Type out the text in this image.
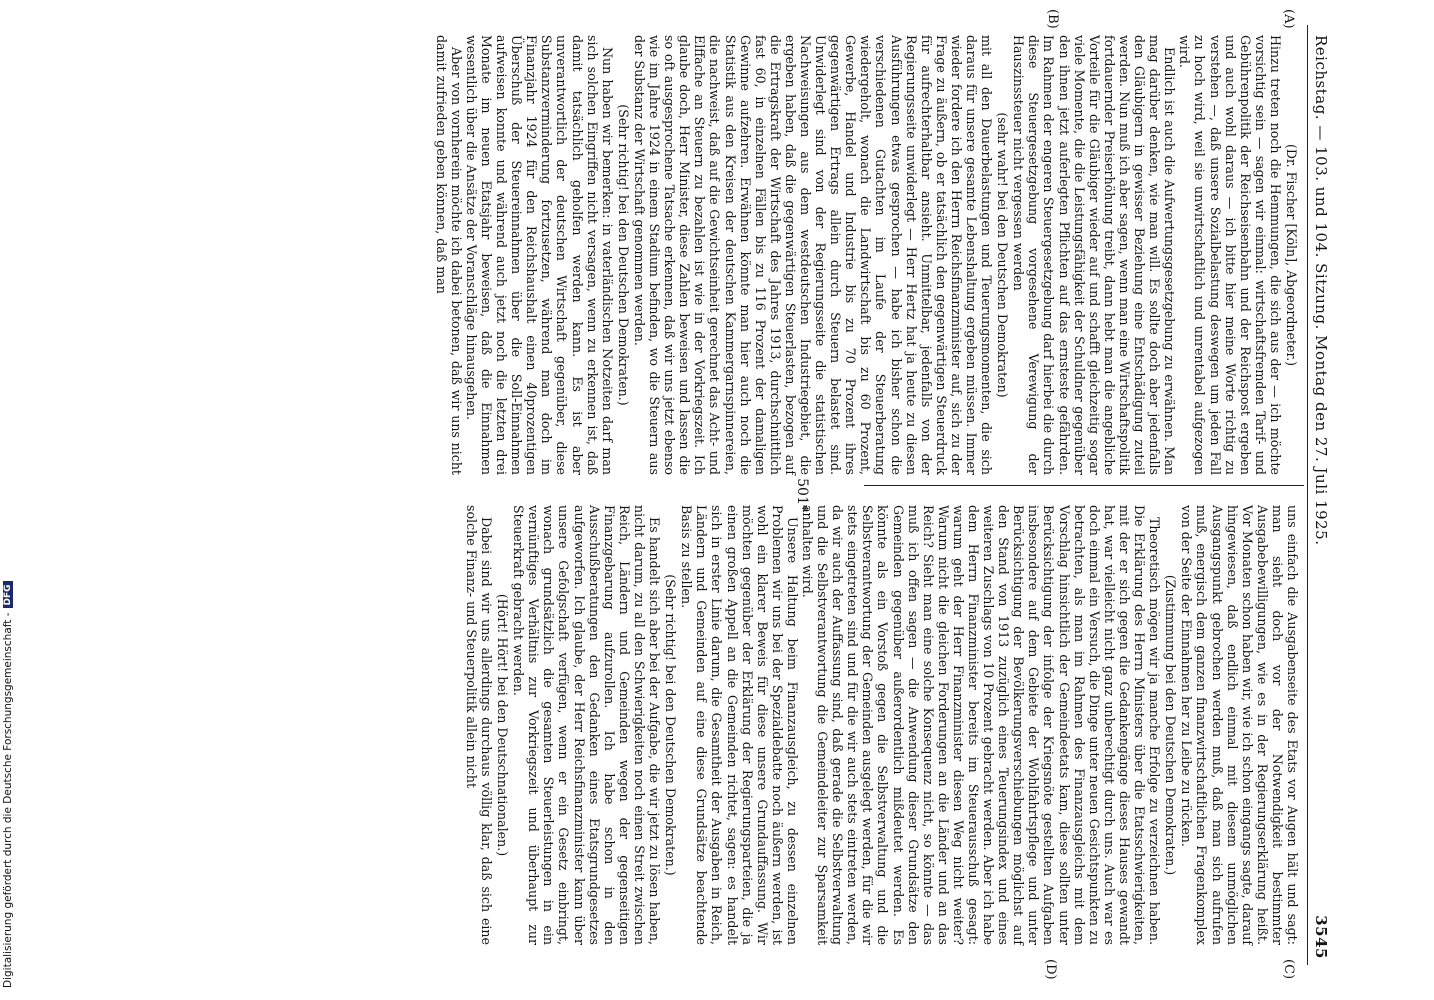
Reichstag. — 103. und 104. Sitzung. Montag den 27. Juli 1925.
3545
(A)
(B)
(C)
(D)

(Dr. Fischer [Köln], Abgeordneter.)

Hinzu treten noch die Hemmungen, die sich aus der — ich möchte vorsichtig sein — sagen wir einmal: wirtschaftsfremden Tarif- und Gebührenpolitik der Reichseisenbahn und der Reichspost ergeben und auch wohl daraus — ich bitte hier meine Worte richtig zu verstehen —, daß unsere Sozialbelastung deswegen um jeden Fall zu hoch wird, weil sie unwirtschaftlich und unrentabel aufgezogen wird.

Endlich ist auch die Aufwertungsgesetzgebung zu erwähnen. Man mag darüber denken, wie man will. Es sollte doch aber jedenfalls den Gläubigern in gewisser Beziehung eine Entschädigung zuteil werden. Nun muß ich aber sagen, wenn man eine Wirtschaftspolitik fortdauernder Preiserhöhung treibt, dann hebt man die angebliche Vorteile für die Gläubiger wieder auf und schafft gleichzeitig sogar viele Momente, die die Leistungsfähigkeit der Schuldner gegenüber den ihnen jetzt auferlegten Pflichten auf das ernsteste gefährden. Im Rahmen der engeren Steuergesetzgebung darf hierbei die durch diese Steuergesetzgebung vorgesehene Verewigung der Hauszinssteuer nicht vergessen werden

(sehr wahr! bei den Deutschen Demokraten)

mit all den Dauerbelastungen und Teuerungsmomenten, die sich daraus für unsere gesamte Lebenshaltung ergeben müssen. Immer wieder fordere ich den Herrn Reichsfinanzminister auf, sich zu der Frage zu äußern, ob er tatsächlich den gegenwärtigen Steuerdruck für aufrechterhaltbar ansieht. Unmittelbar, jedenfalls von der Regierungsseite unwiderlegt — Herr Hertz hat ja heute zu diesen Ausführungen etwas gesprochen — habe ich bisher schon die verschiedenen Gutachten im Laufe der Steuerberatung wiedergeholt, wonach die Landwirtschaft bis zu 60 Prozent, Gewerbe, Handel und Industrie bis zu 70 Prozent ihres gegenwärtigen Ertrags allein durch Steuern belastet sind. Unwiderlegt sind von der Regierungsseite die statistischen Nachweisungen aus dem westdeutschen Industriegebiet, die ergeben haben, daß die gegenwärtigen Steuerlasten, bezogen auf die Ertragskraft der Wirtschaft des Jahres 1913, durchschnittlich fast 60, in einzelnen Fällen bis zu 116 Prozent der damaligen Gewinne aufzehren. Erwähnen könnte man hier auch noch die Statistik aus den Kreisen der deutschen Kammergarnspinnereien, die nachweist, daß auf die Gewichtseinheit gerechnet das Acht- und Elffache an Steuern zu bezahlen ist wie in der Vorkriegszeit. Ich glaube doch, Herr Minister, diese Zahlen beweisen und lassen die so oft ausgesprochene Tatsache erkennen, daß wir uns jetzt ebenso wie im Jahre 1924 in einem Stadium befinden, wo die Steuern aus der Substanz der Wirtschaft genommen werden.

(Sehr richtig! bei den Deutschen Demokraten.)

Nun haben wir bemerken: in vaterländischen Notzeiten darf man sich solchen Eingriffen nicht versagen, wenn zu erkennen ist, daß damit tatsächlich geholfen werden kann. Es ist aber unverantwortlich der deutschen Wirtschaft gegenüber, diese Substanzverminderung fortzusetzen, während man doch im Finanzjahr 1924 für den Reichshaushalt einen 40prozentigen Überschuß der Steuereinnahmen über die Soll-Einnahmen aufweisen konnte und während auch jetzt noch die letzten drei Monate im neuen Etatsjahr beweisen, daß die Einnahmen wesentlich über die Ansätze der Voranschläge hinausgehen.

Aber von vornherein möchte ich dabei betonen, daß wir uns nicht damit zufrieden geben können, daß man

uns einfach die Ausgabenseite des Etats vor Augen hält und sagt: man sieht doch vor der Notwendigkeit bestimmter Ausgabebewilligungen, wie es in der Regierungserklärung heißt. Vor Monaten schon haben wir, wie ich schon eingangs sagte, darauf hingewiesen, daß endlich einmal mit diesem unmöglichen Ausgangspunkt gebrochen werden muß, daß man sich aufrufen muß, energisch dem ganzen finanzwirtschaftlichen Fragenkomplex von der Seite der Einnahmen her zu Leibe zu rücken.

(Zustimmung bei den Deutschen Demokraten.)

Theoretisch mögen wir ja manche Erfolge zu verzeichnen haben. Die Erklärung des Herrn Ministers über die Etatsschwierigkeiten, mit der er sich gegen die Gedankengänge dieses Hauses gewandt hat, war vielleicht nicht ganz unberechtigt durch uns. Auch war es doch einmal ein Versuch, die Dinge unter neuen Gesichtspunkten zu betrachten, als man im Rahmen des Finanzausgleichs mit dem Vorschlag hinsichtlich der Gemeindeetats kam, diese sollten unter Berücksichtigung der infolge der Kriegsnöte gestellten Aufgaben insbesondere auf dem Gebiete der Wohlfahrtspflege und unter Berücksichtigung der Bevölkerungsverschiebungen möglichst auf den Stand von 1913 zuzüglich eines Teuerungsindex und eines weiteren Zuschlags von 10 Prozent gebracht werden. Aber ich habe dem Herrn Finanzminister bereits im Steuerausschuß gesagt: warum geht der Herr Finanzminister diesen Weg nicht weiter? Warum nicht die gleichen Forderungen an die Länder und an das Reich? Sieht man eine solche Konsequenz nicht, so könnte — das muß ich offen sagen — die Anwendung dieser Grundsätze den Gemeinden gegenüber außerordentlich mißdeutet werden. Es könnte als ein Vorstoß gegen die Selbstverwaltung und die Selbstverantwortung der Gemeinden ausgelegt werden, für die wir stets eingetreten sind und für die wir auch stets eintreten werden, da wir auch der Auffassung sind, daß gerade die Selbstverwaltung und die Selbstverantwortung die Gemeindeleiter zur Sparsamkeit anhalten wird.

Unsere Haltung beim Finanzausgleich, zu dessen einzelnen Problemen wir uns bei der Spezialdebatte noch äußern werden, ist wohl ein klarer Beweis für diese unsere Grundauffassung. Wir möchten gegenüber der Erklärung der Regierungsparteien, die ja einen großen Appell an die Gemeinden richtet, sagen: es handelt sich in erster Linie darum, die Gesamtheit der Ausgaben in Reich, Ländern und Gemeinden auf eine diese Grundsätze beachtende Basis zu stellen.

(Sehr richtig! bei den Deutschen Demokraten.)

Es handelt sich aber bei der Aufgabe, die wir jetzt zu lösen haben, nicht darum, zu all den Schwierigkeiten noch einen Streit zwischen Reich, Ländern und Gemeinden wegen der gegenseitigen Finanzgebarung aufzurollen. Ich habe schon in den Ausschußberatungen den Gedanken eines Etatsgrundgesetzes aufgeworfen. Ich glaube, der Herr Reichsfinanzminister kann über unsere Gefolgschaft verfügen, wenn er ein Gesetz einbringt, wonach grundsätzlich die gesamten Steuerleistungen in ein vernünftiges Verhältnis zur Vorkriegszeit und überhaupt zur Steuerkraft gebracht werden.

(Hört! Hört! bei den Deutschnationalen.)

Dabei sind wir uns allerdings durchaus völlig klar, daß sich eine solche Finanz- und Steuerpolitik allein nicht

501*
Digitalisierung gefördert durch die Deutsche Forschungsgemeinschaft -
DFG
